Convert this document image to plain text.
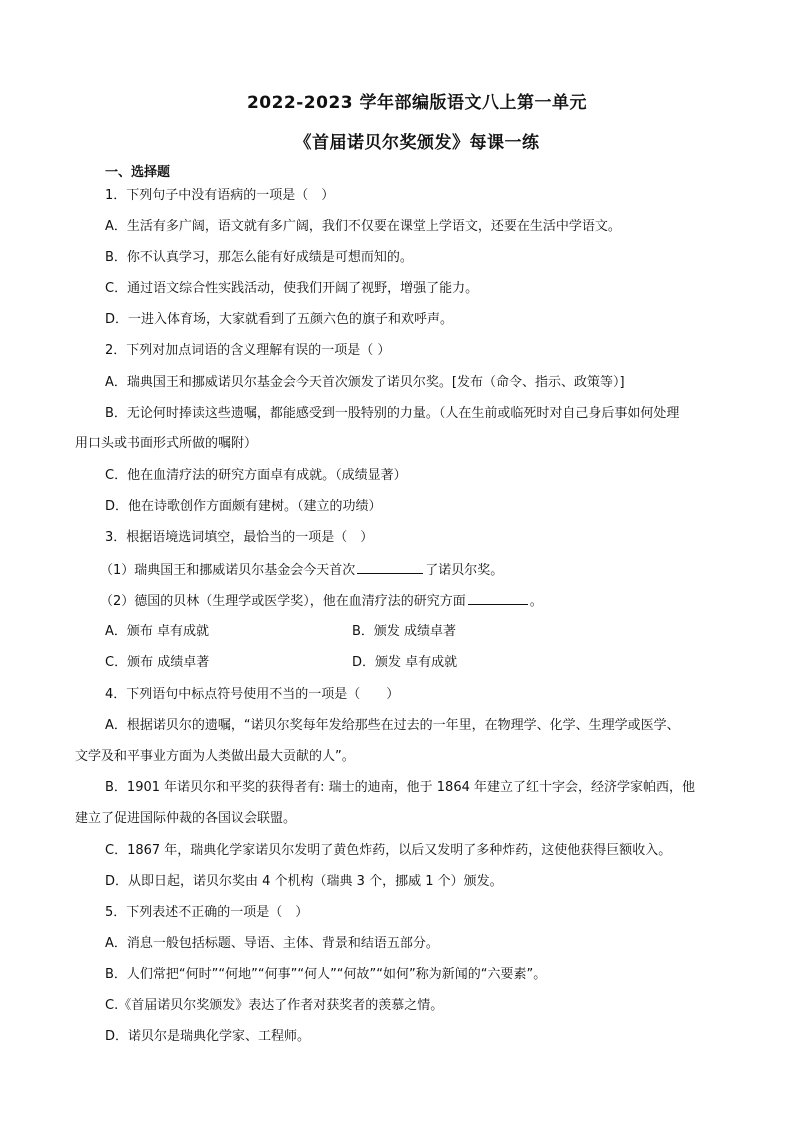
2022-2023 学年部编版语文八上第一单元
《首届诺贝尔奖颁发》每课一练
一、选择题
1．下列句子中没有语病的一项是（　）
A．生活有多广阔，语文就有多广阔，我们不仅要在课堂上学语文，还要在生活中学语文。
B．你不认真学习，那怎么能有好成绩是可想而知的。
C．通过语文综合性实践活动，使我们开阔了视野，增强了能力。
D．一进入体育场，大家就看到了五颜六色的旗子和欢呼声。
2．下列对加点词语的含义理解有误的一项是（ ）
A．瑞典国王和挪威诺贝尔基金会今天首次颁发了诺贝尔奖。[发布（命令、指示、政策等）]
B．无论何时捧读这些遗嘱，都能感受到一股特别的力量。（人在生前或临死时对自己身后事如何处理
用口头或书面形式所做的嘱附）
C．他在血清疗法的研究方面卓有成就。（成绩显著）
D．他在诗歌创作方面颇有建树。（建立的功绩）
3．根据语境选词填空，最恰当的一项是（　）
（1）瑞典国王和挪威诺贝尔基金会今天首次	了诺贝尔奖。
（2）德国的贝林（生理学或医学奖），他在血清疗法的研究方面	。
A．颁布 卓有成就	B．颁发 成绩卓著
C．颁布 成绩卓著	D．颁发 卓有成就
4．下列语句中标点符号使用不当的一项是（　　）
A．根据诺贝尔的遗嘱，“诺贝尔奖每年发给那些在过去的一年里，在物理学、化学、生理学或医学、
文学及和平事业方面为人类做出最大贡献的人”。
B．1901 年诺贝尔和平奖的获得者有: 瑞士的迪南，他于 1864 年建立了红十字会，经济学家帕西，他
建立了促进国际仲裁的各国议会联盟。
C．1867 年，瑞典化学家诺贝尔发明了黄色炸药，以后又发明了多种炸药，这使他获得巨额收入。
D．从即日起，诺贝尔奖由 4 个机构（瑞典 3 个，挪威 1 个）颁发。
5．下列表述不正确的一项是（　）
A．消息一般包括标题、导语、主体、背景和结语五部分。
B．人们常把“何时”“何地”“何事”“何人”“何故”“如何”称为新闻的“六要素”。
C.《首届诺贝尔奖颁发》表达了作者对获奖者的羡慕之情。
D．诺贝尔是瑞典化学家、工程师。
